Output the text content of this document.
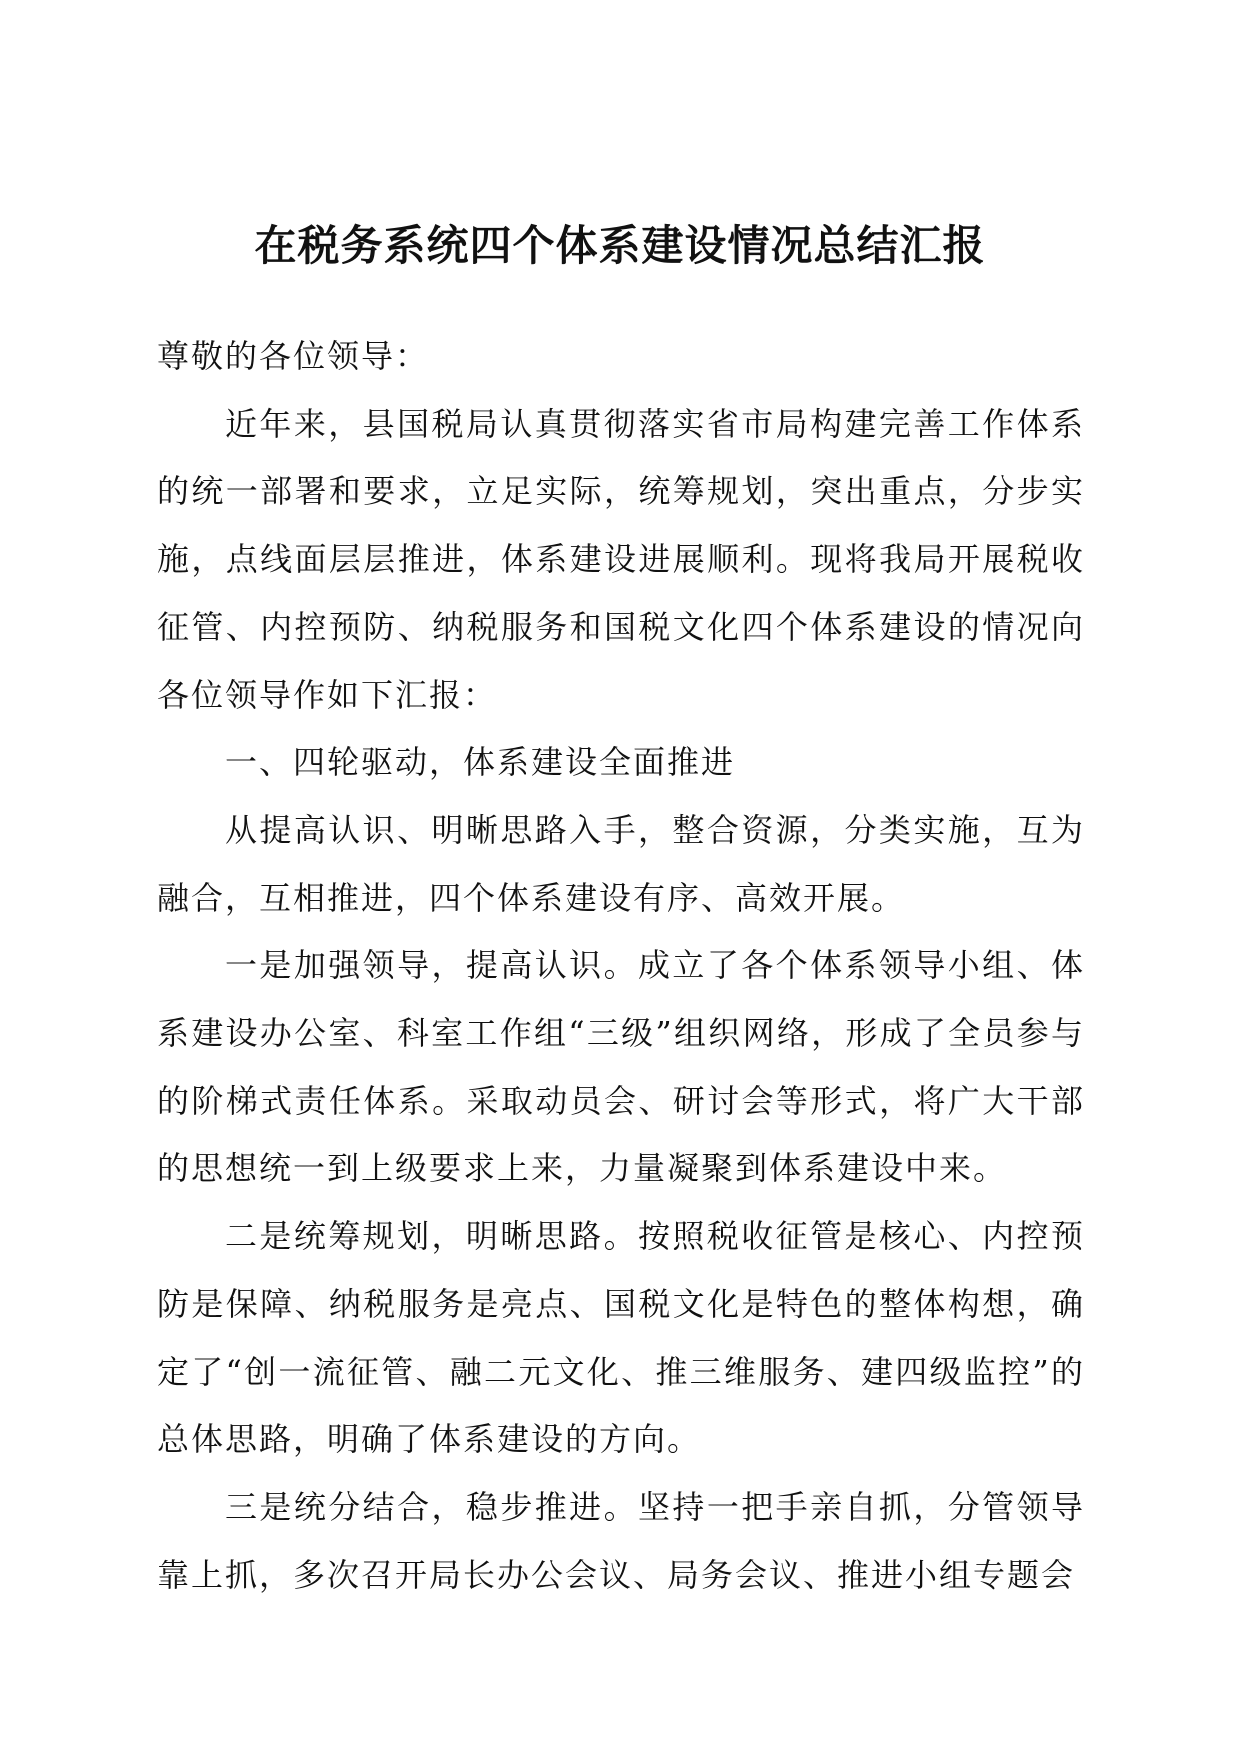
在税务系统四个体系建设情况总结汇报

尊敬的各位领导：

近年来，县国税局认真贯彻落实省市局构建完善工作体系的统一部署和要求，立足实际，统筹规划，突出重点，分步实施，点线面层层推进，体系建设进展顺利。现将我局开展税收征管、内控预防、纳税服务和国税文化四个体系建设的情况向各位领导作如下汇报：

一、四轮驱动，体系建设全面推进

从提高认识、明晰思路入手，整合资源，分类实施，互为融合，互相推进，四个体系建设有序、高效开展。

一是加强领导，提高认识。成立了各个体系领导小组、体系建设办公室、科室工作组“三级”组织网络，形成了全员参与的阶梯式责任体系。采取动员会、研讨会等形式，将广大干部的思想统一到上级要求上来，力量凝聚到体系建设中来。

二是统筹规划，明晰思路。按照税收征管是核心、内控预防是保障、纳税服务是亮点、国税文化是特色的整体构想，确定了“创一流征管、融二元文化、推三维服务、建四级监控”的总体思路，明确了体系建设的方向。

三是统分结合，稳步推进。坚持一把手亲自抓，分管领导靠上抓，多次召开局长办公会议、局务会议、推进小组专题会
